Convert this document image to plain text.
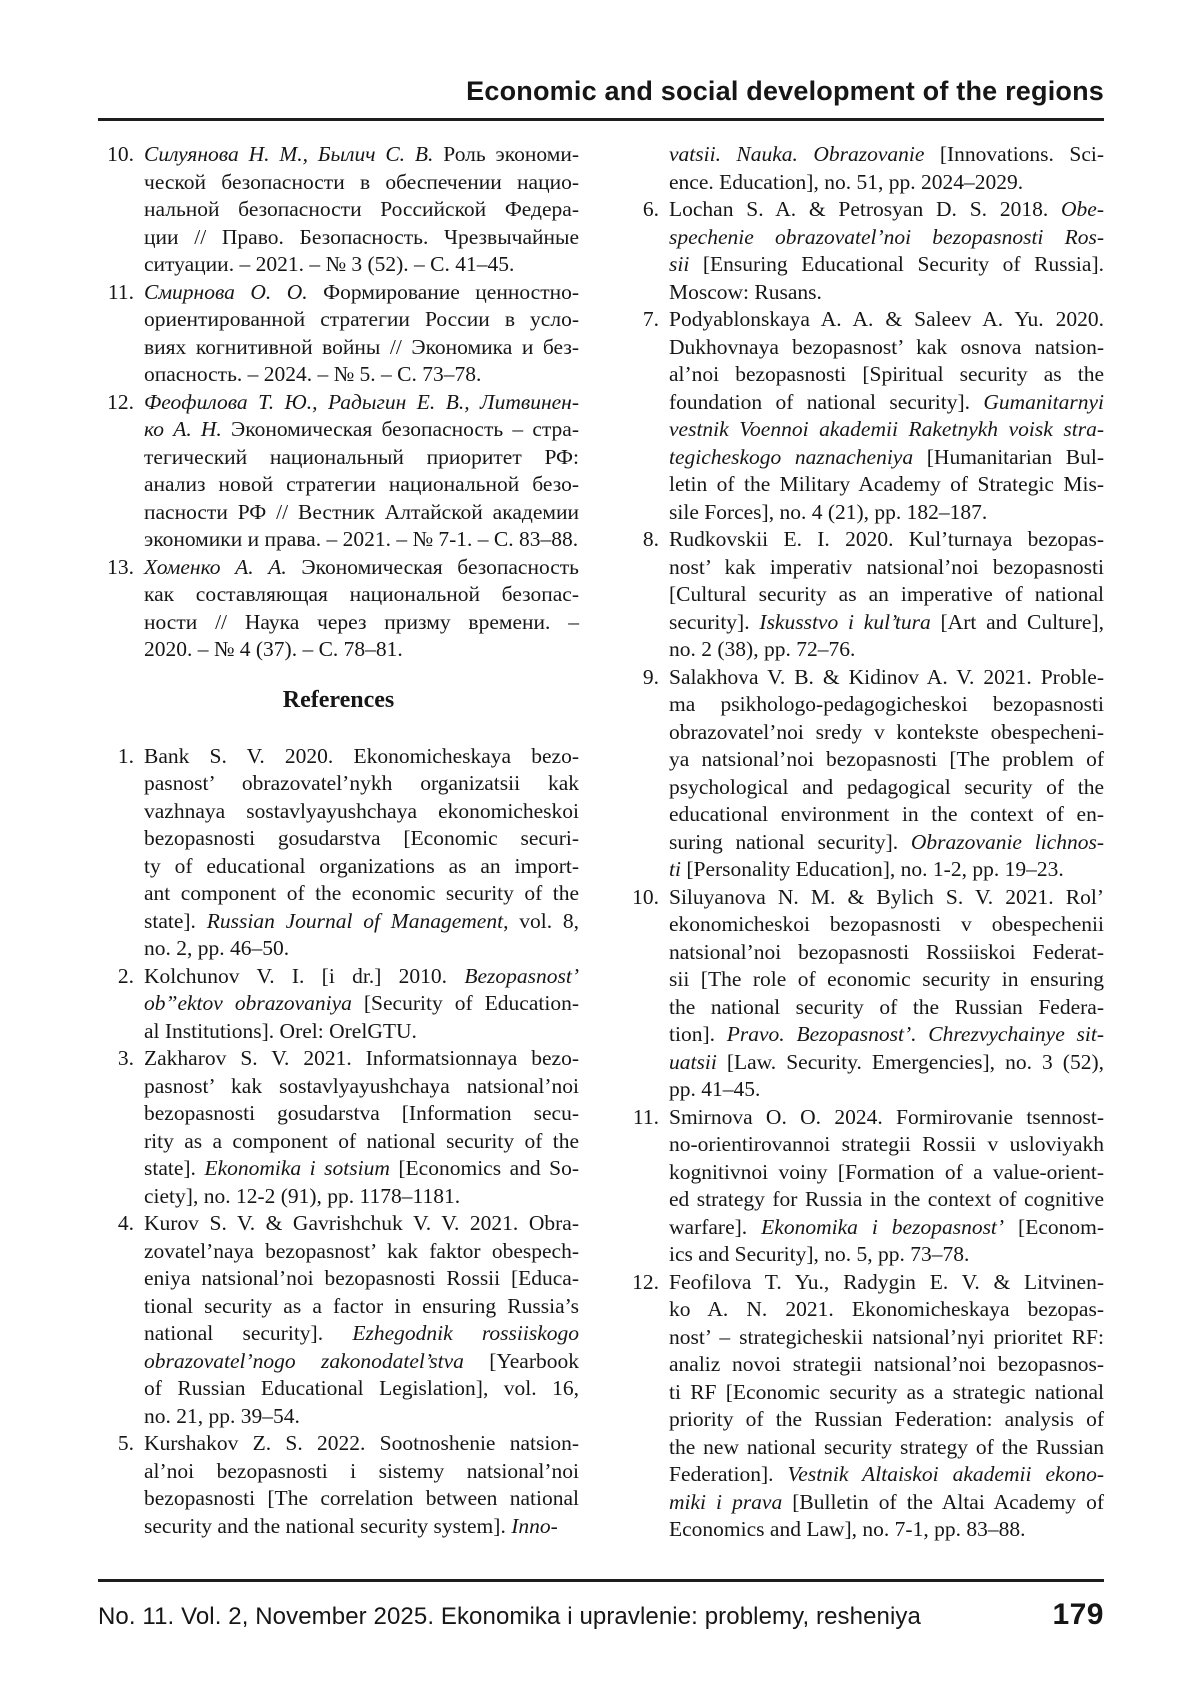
Economic and social development of the regions
10. Силуянова Н. М., Былич С. В. Роль экономи-
ческой безопасности в обеспечении нацио-
нальной безопасности Российской Федера-
ции // Право. Безопасность. Чрезвычайные
ситуации. – 2021. – № 3 (52). – С. 41–45.
11. Смирнова О. О. Формирование ценностно-
ориентированной стратегии России в усло-
виях когнитивной войны // Экономика и без-
опасность. – 2024. – № 5. – С. 73–78.
12. Феофилова Т. Ю., Радыгин Е. В., Литвинен-
ко А. Н. Экономическая безопасность – стра-
тегический национальный приоритет РФ:
анализ новой стратегии национальной безо-
пасности РФ // Вестник Алтайской академии
экономики и права. – 2021. – № 7-1. – С. 83–88.
13. Хоменко А. А. Экономическая безопасность
как составляющая национальной безопас-
ности // Наука через призму времени. –
2020. – № 4 (37). – С. 78–81.
References
1. Bank S. V. 2020. Ekonomicheskaya bezo-
pasnost’ obrazovatel’nykh organizatsii kak
vazhnaya sostavlyayushchaya ekonomicheskoi
bezopasnosti gosudarstva [Economic securi-
ty of educational organizations as an import-
ant component of the economic security of the
state]. Russian Journal of Management, vol. 8,
no. 2, pp. 46–50.
2. Kolchunov V. I. [i dr.] 2010. Bezopasnost’
ob”ektov obrazovaniya [Security of Education-
al Institutions]. Orel: OrelGTU.
3. Zakharov S. V. 2021. Informatsionnaya bezo-
pasnost’ kak sostavlyayushchaya natsional’noi
bezopasnosti gosudarstva [Information secu-
rity as a component of national security of the
state]. Ekonomika i sotsium [Economics and So-
ciety], no. 12-2 (91), pp. 1178–1181.
4. Kurov S. V. & Gavrishchuk V. V. 2021. Obra-
zovatel’naya bezopasnost’ kak faktor obespech-
eniya natsional’noi bezopasnosti Rossii [Educa-
tional security as a factor in ensuring Russia’s
national security]. Ezhegodnik rossiiskogo
obrazovatel’nogo zakonodatel’stva [Yearbook
of Russian Educational Legislation], vol. 16,
no. 21, pp. 39–54.
5. Kurshakov Z. S. 2022. Sootnoshenie natsion-
al’noi bezopasnosti i sistemy natsional’noi
bezopasnosti [The correlation between national
security and the national security system]. Inno-
vatsii. Nauka. Obrazovanie [Innovations. Sci-
ence. Education], no. 51, pp. 2024–2029.
6. Lochan S. A. & Petrosyan D. S. 2018. Obe-
spechenie obrazovatel’noi bezopasnosti Ros-
sii [Ensuring Educational Security of Russia].
Moscow: Rusans.
7. Podyablonskaya A. A. & Saleev A. Yu. 2020.
Dukhovnaya bezopasnost’ kak osnova natsion-
al’noi bezopasnosti [Spiritual security as the
foundation of national security]. Gumanitarnyi
vestnik Voennoi akademii Raketnykh voisk stra-
tegicheskogo naznacheniya [Humanitarian Bul-
letin of the Military Academy of Strategic Mis-
sile Forces], no. 4 (21), pp. 182–187.
8. Rudkovskii E. I. 2020. Kul’turnaya bezopas-
nost’ kak imperativ natsional’noi bezopasnosti
[Cultural security as an imperative of national
security]. Iskusstvo i kul’tura [Art and Culture],
no. 2 (38), pp. 72–76.
9. Salakhova V. B. & Kidinov A. V. 2021. Proble-
ma psikhologo-pedagogicheskoi bezopasnosti
obrazovatel’noi sredy v kontekste obespecheni-
ya natsional’noi bezopasnosti [The problem of
psychological and pedagogical security of the
educational environment in the context of en-
suring national security]. Obrazovanie lichnos-
ti [Personality Education], no. 1-2, pp. 19–23.
10. Siluyanova N. M. & Bylich S. V. 2021. Rol’
ekonomicheskoi bezopasnosti v obespechenii
natsional’noi bezopasnosti Rossiiskoi Federat-
sii [The role of economic security in ensuring
the national security of the Russian Federa-
tion]. Pravo. Bezopasnost’. Chrezvychainye sit-
uatsii [Law. Security. Emergencies], no. 3 (52),
pp. 41–45.
11. Smirnova O. O. 2024. Formirovanie tsennost-
no-orientirovannoi strategii Rossii v usloviyakh
kognitivnoi voiny [Formation of a value-orient-
ed strategy for Russia in the context of cognitive
warfare]. Ekonomika i bezopasnost’ [Econom-
ics and Security], no. 5, pp. 73–78.
12. Feofilova T. Yu., Radygin E. V. & Litvinen-
ko A. N. 2021. Ekonomicheskaya bezopas-
nost’ – strategicheskii natsional’nyi prioritet RF:
analiz novoi strategii natsional’noi bezopasnos-
ti RF [Economic security as a strategic national
priority of the Russian Federation: analysis of
the new national security strategy of the Russian
Federation]. Vestnik Altaiskoi akademii ekono-
miki i prava [Bulletin of the Altai Academy of
Economics and Law], no. 7-1, pp. 83–88.
No. 11. Vol. 2, November 2025. Ekonomika i upravlenie: problemy, resheniya	179
